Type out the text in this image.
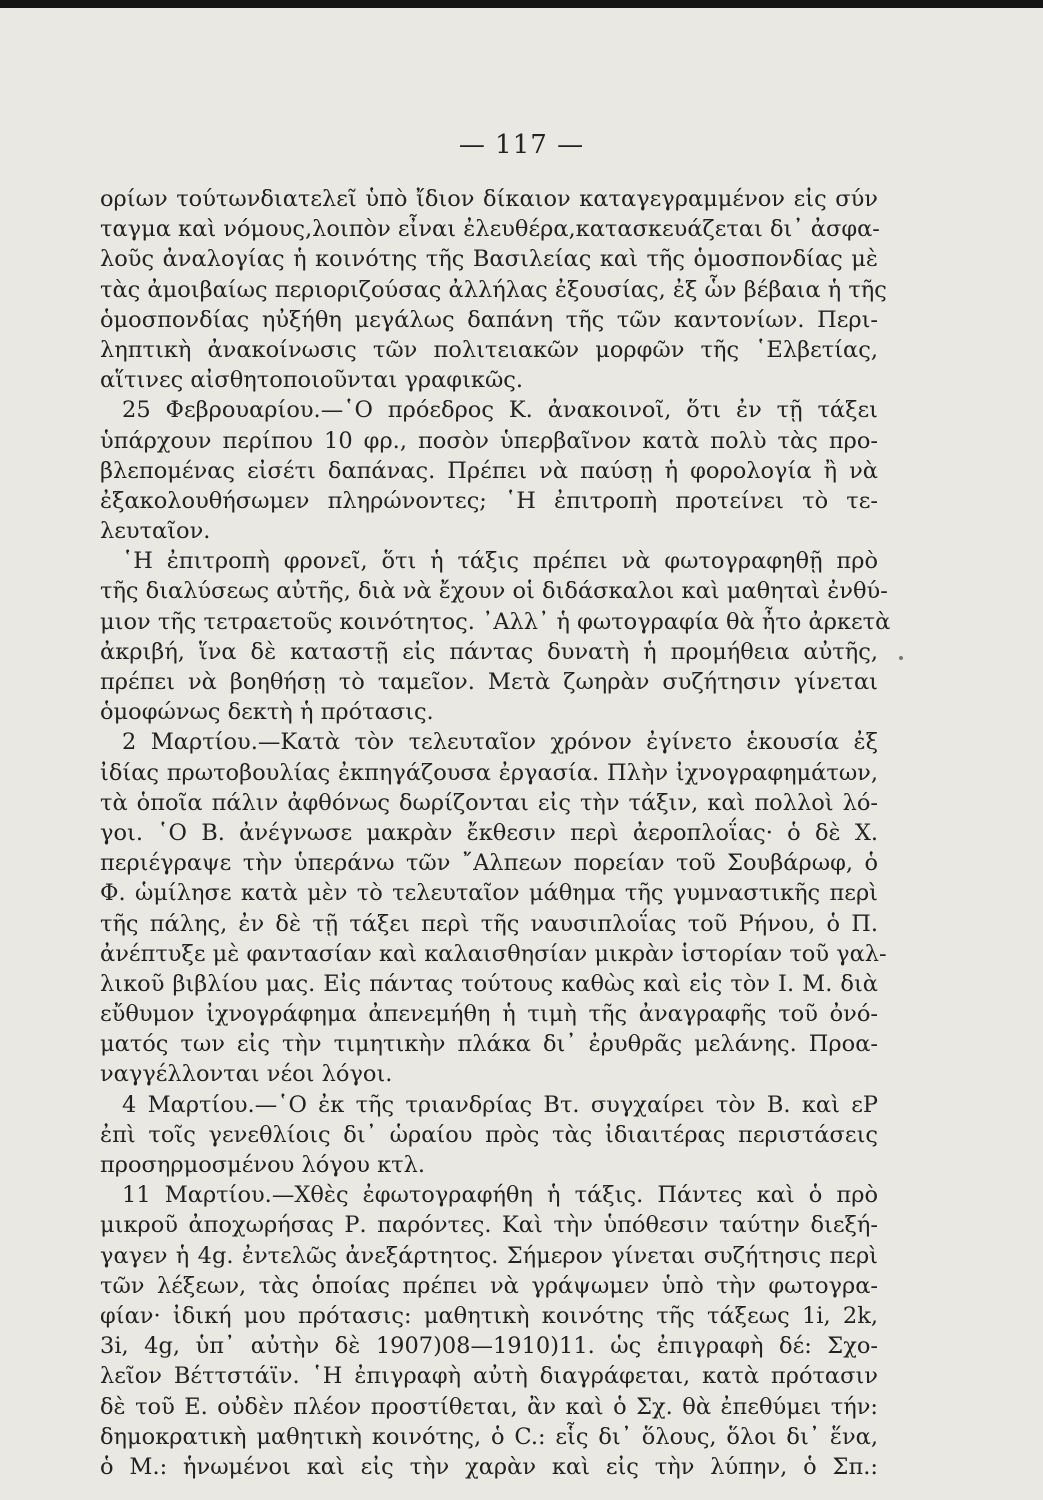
— 117 —
ορίων τούτωνδιατελεῖ ὑπὸ ἴδιον δίκαιον καταγεγραμμένον εἰς σύν
ταγμα καὶ νόμους,λοιπὸν εἶναι ἐλευθέρα,κατασκευάζεται δι᾽ ἀσφα-
λοῦς ἀναλογίας ἡ κοινότης τῆς Βασιλείας καὶ τῆς ὁμοσπονδίας μὲ
τὰς ἀμοιβαίως περιοριζούσας ἀλλήλας ἐξουσίας, ἐξ ὧν βέβαια ἡ τῆς
ὁμοσπονδίας ηὐξήθη μεγάλως δαπάνη τῆς τῶν καντονίων. Περι-
ληπτικὴ ἀνακοίνωσις τῶν πολιτειακῶν μορφῶν τῆς ῾Ελβετίας,
αἵτινες αἰσθητοποιοῦνται γραφικῶς.
25 Φεβρουαρίου.—῾Ο πρόεδρος Κ. ἀνακοινοῖ, ὅτι ἐν τῇ τάξει
ὑπάρχουν περίπου 10 φρ., ποσὸν ὑπερβαῖνον κατὰ πολὺ τὰς προ-
βλεπομένας εἰσέτι δαπάνας. Πρέπει νὰ παύσῃ ἡ φορολογία ἢ νὰ
ἐξακολουθήσωμεν πληρώνοντες; ῾Η ἐπιτροπὴ προτείνει τὸ τε-
λευταῖον.
῾Η ἐπιτροπὴ φρονεῖ, ὅτι ἡ τάξις πρέπει νὰ φωτογραφηθῇ πρὸ
τῆς διαλύσεως αὐτῆς, διὰ νὰ ἔχουν οἱ διδάσκαλοι καὶ μαθηταὶ ἐνθύ-
μιον τῆς τετραετοῦς κοινότητος. ᾽Αλλ᾽ ἡ φωτογραφία θὰ ἦτο ἀρκετὰ
ἀκριβή, ἵνα δὲ καταστῇ εἰς πάντας δυνατὴ ἡ προμήθεια αὐτῆς,
πρέπει νὰ βοηθήσῃ τὸ ταμεῖον. Μετὰ ζωηρὰν συζήτησιν γίνεται
ὁμοφώνως δεκτὴ ἡ πρότασις.
2 Μαρτίου.—Κατὰ τὸν τελευταῖον χρόνον ἐγίνετο ἑκουσία ἐξ
ἰδίας πρωτοβουλίας ἐκπηγάζουσα ἐργασία. Πλὴν ἰχνογραφημάτων,
τὰ ὁποῖα πάλιν ἀφθόνως δωρίζονται εἰς τὴν τάξιν, καὶ πολλοὶ λό-
γοι. ῾Ο Β. ἀνέγνωσε μακρὰν ἔκθεσιν περὶ ἀεροπλοΐας· ὁ δὲ Χ.
περιέγραψε τὴν ὑπεράνω τῶν ῎Αλπεων πορείαν τοῦ Σουβάρωφ, ὁ
Φ. ὡμίλησε κατὰ μὲν τὸ τελευταῖον μάθημα τῆς γυμναστικῆς περὶ
τῆς πάλης, ἐν δὲ τῇ τάξει περὶ τῆς ναυσιπλοΐας τοῦ Ρήνου, ὁ Π.
ἀνέπτυξε μὲ φαντασίαν καὶ καλαισθησίαν μικρὰν ἱστορίαν τοῦ γαλ-
λικοῦ βιβλίου μας. Εἰς πάντας τούτους καθὼς καὶ εἰς τὸν Ι. Μ. διὰ
εὔθυμον ἰχνογράφημα ἀπενεμήθη ἡ τιμὴ τῆς ἀναγραφῆς τοῦ ὀνό-
ματός των εἰς τὴν τιμητικὴν πλάκα δι᾽ ἐρυθρᾶς μελάνης. Προα-
ναγγέλλονται νέοι λόγοι.
4 Μαρτίου.—῾Ο ἐκ τῆς τριανδρίας Βτ. συγχαίρει τὸν Β. καὶ εΡ
ἐπὶ τοῖς γενεθλίοις δι᾽ ὡραίου πρὸς τὰς ἰδιαιτέρας περιστάσεις
προσηρμοσμένου λόγου κτλ.
11 Μαρτίου.—Χθὲς ἐφωτογραφήθη ἡ τάξις. Πάντες καὶ ὁ πρὸ
μικροῦ ἀποχωρήσας Ρ. παρόντες. Καὶ τὴν ὑπόθεσιν ταύτην διεξή-
γαγεν ἡ 4g. ἐντελῶς ἀνεξάρτητος. Σήμερον γίνεται συζήτησις περὶ
τῶν λέξεων, τὰς ὁποίας πρέπει νὰ γράψωμεν ὑπὸ τὴν φωτογρα-
φίαν· ἰδική μου πρότασις: μαθητικὴ κοινότης τῆς τάξεως 1i, 2k,
3i, 4g, ὑπ᾽ αὐτὴν δὲ 1907)08—1910)11. ὡς ἐπιγραφὴ δέ: Σχο-
λεῖον Βέττστάϊν. ῾Η ἐπιγραφὴ αὐτὴ διαγράφεται, κατὰ πρότασιν
δὲ τοῦ Ε. οὐδὲν πλέον προστίθεται, ἂν καὶ ὁ Σχ. θὰ ἐπεθύμει τήν:
δημοκρατικὴ μαθητικὴ κοινότης, ὁ C.: εἷς δι᾽ ὅλους, ὅλοι δι᾽ ἕνα,
ὁ Μ.: ἡνωμένοι καὶ εἰς τὴν χαρὰν καὶ εἰς τὴν λύπην, ὁ Σπ.:
